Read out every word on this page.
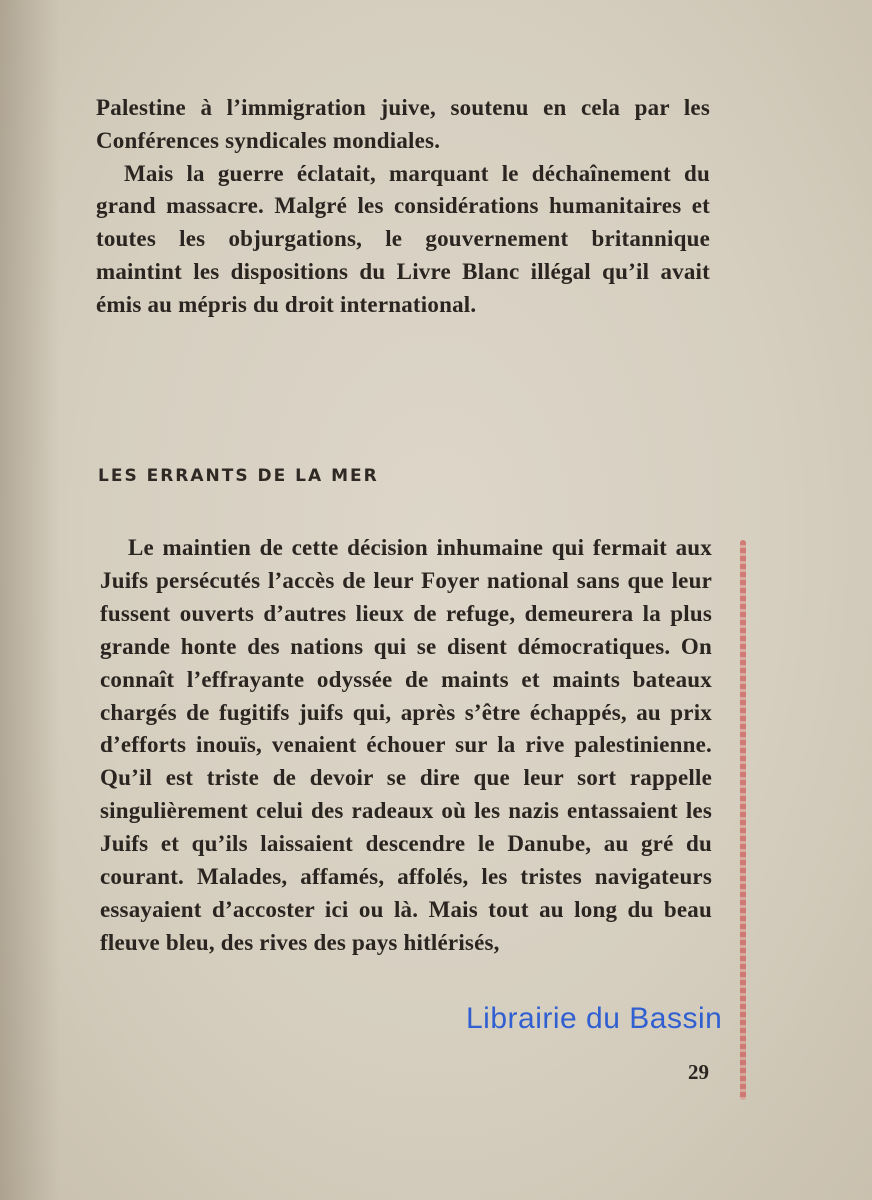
Palestine à l’immigration juive, soutenu en cela par les Conférences syndicales mondiales.

Mais la guerre éclatait, marquant le déchaînement du grand massacre. Malgré les considérations humanitaires et toutes les objurgations, le gouvernement britannique maintint les dispositions du Livre Blanc illégal qu’il avait émis au mépris du droit international.

LES ERRANTS DE LA MER

Le maintien de cette décision inhumaine qui fermait aux Juifs persécutés l’accès de leur Foyer national sans que leur fussent ouverts d’autres lieux de refuge, demeurera la plus grande honte des nations qui se disent démocratiques. On connaît l’effrayante odyssée de maints et maints bateaux chargés de fugitifs juifs qui, après s’être échappés, au prix d’efforts inouïs, venaient échouer sur la rive palestinienne. Qu’il est triste de devoir se dire que leur sort rappelle singulièrement celui des radeaux où les nazis entassaient les Juifs et qu’ils laissaient descendre le Danube, au gré du courant. Malades, affamés, affolés, les tristes navigateurs essayaient d’accoster ici ou là. Mais tout au long du beau fleuve bleu, des rives des pays hitlérisés,

29
Librairie du Bassin
